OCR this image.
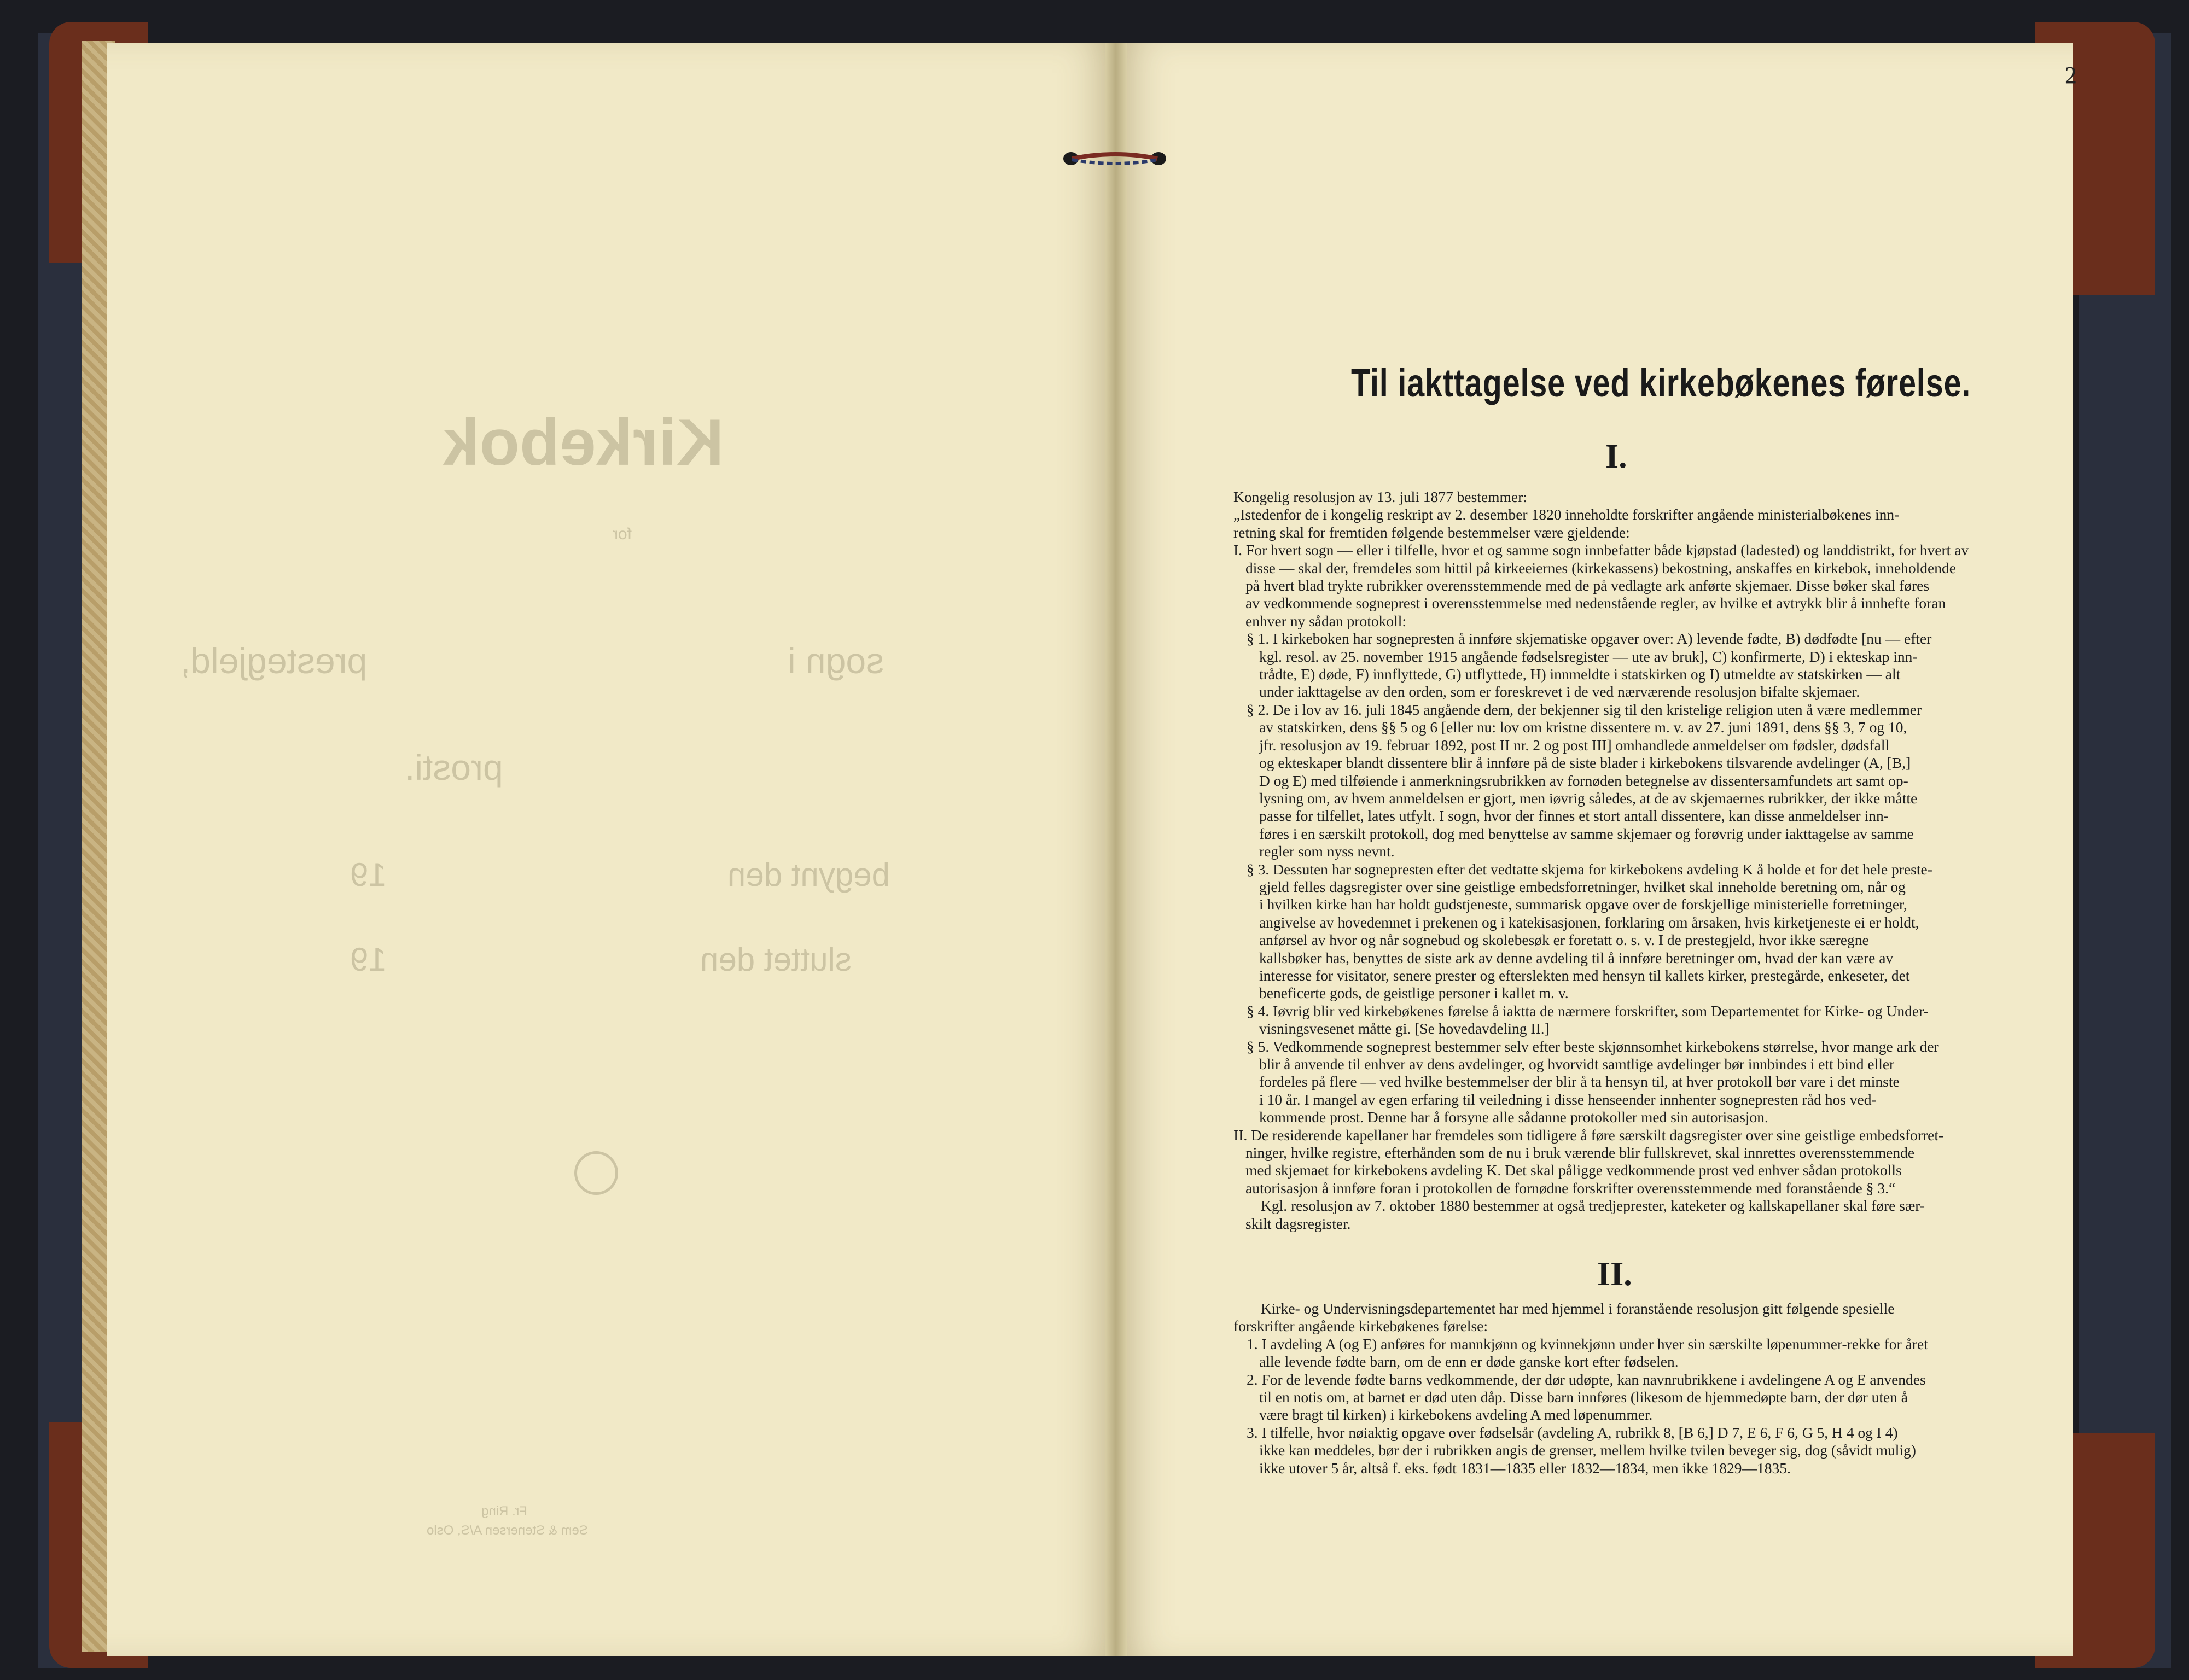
Kirkebok
for
sogn i
prestegjeld,
prosti.
begynt den
19
sluttet den
19
Fr. Ring
Sem & Stenersen A/S, Oslo
2
Til iakttagelse ved kirkebøkenes førelse.
I.

Kongelig resolusjon av 13. juli 1877 bestemmer:

„Istedenfor de i kongelig reskript av 2. desember 1820 inneholdte forskrifter angående ministerialbøkenes inn-

retning skal for fremtiden følgende bestemmelser være gjeldende:

I. For hvert sogn — eller i tilfelle, hvor et og samme sogn innbefatter både kjøpstad (ladested) og landdistrikt, for hvert av

disse — skal der, fremdeles som hittil på kirkeeiernes (kirkekassens) bekostning, anskaffes en kirkebok, inneholdende

på hvert blad trykte rubrikker overensstemmende med de på vedlagte ark anførte skjemaer. Disse bøker skal føres

av vedkommende sogneprest i overensstemmelse med nedenstående regler, av hvilke et avtrykk blir å innhefte foran

enhver ny sådan protokoll:

§ 1. I kirkeboken har sognepresten å innføre skjematiske opgaver over: A) levende fødte, B) dødfødte [nu — efter

kgl. resol. av 25. november 1915 angående fødselsregister — ute av bruk], C) konfirmerte, D) i ekteskap inn-

trådte, E) døde, F) innflyttede, G) utflyttede, H) innmeldte i statskirken og I) utmeldte av statskirken — alt

under iakttagelse av den orden, som er foreskrevet i de ved nærværende resolusjon bifalte skjemaer.

§ 2. De i lov av 16. juli 1845 angående dem, der bekjenner sig til den kristelige religion uten å være medlemmer

av statskirken, dens §§ 5 og 6 [eller nu: lov om kristne dissentere m. v. av 27. juni 1891, dens §§ 3, 7 og 10,

jfr. resolusjon av 19. februar 1892, post II nr. 2 og post III] omhandlede anmeldelser om fødsler, dødsfall

og ekteskaper blandt dissentere blir å innføre på de siste blader i kirkebokens tilsvarende avdelinger (A, [B,]

D og E) med tilføiende i anmerkningsrubrikken av fornøden betegnelse av dissentersamfundets art samt op-

lysning om, av hvem anmeldelsen er gjort, men iøvrig således, at de av skjemaernes rubrikker, der ikke måtte

passe for tilfellet, lates utfylt. I sogn, hvor der finnes et stort antall dissentere, kan disse anmeldelser inn-

føres i en særskilt protokoll, dog med benyttelse av samme skjemaer og forøvrig under iakttagelse av samme

regler som nyss nevnt.

§ 3. Dessuten har sognepresten efter det vedtatte skjema for kirkebokens avdeling K å holde et for det hele preste-

gjeld felles dagsregister over sine geistlige embedsforretninger, hvilket skal inneholde beretning om, når og

i hvilken kirke han har holdt gudstjeneste, summarisk opgave over de forskjellige ministerielle forretninger,

angivelse av hovedemnet i prekenen og i katekisasjonen, forklaring om årsaken, hvis kirketjeneste ei er holdt,

anførsel av hvor og når sognebud og skolebesøk er foretatt o. s. v. I de prestegjeld, hvor ikke særegne

kallsbøker has, benyttes de siste ark av denne avdeling til å innføre beretninger om, hvad der kan være av

interesse for visitator, senere prester og efterslekten med hensyn til kallets kirker, prestegårde, enkeseter, det

beneficerte gods, de geistlige personer i kallet m. v.

§ 4. Iøvrig blir ved kirkebøkenes førelse å iaktta de nærmere forskrifter, som Departementet for Kirke- og Under-

visningsvesenet måtte gi. [Se hovedavdeling II.]

§ 5. Vedkommende sogneprest bestemmer selv efter beste skjønnsomhet kirkebokens størrelse, hvor mange ark der

blir å anvende til enhver av dens avdelinger, og hvorvidt samtlige avdelinger bør innbindes i ett bind eller

fordeles på flere — ved hvilke bestemmelser der blir å ta hensyn til, at hver protokoll bør vare i det minste

i 10 år. I mangel av egen erfaring til veiledning i disse henseender innhenter sognepresten råd hos ved-

kommende prost. Denne har å forsyne alle sådanne protokoller med sin autorisasjon.

II. De residerende kapellaner har fremdeles som tidligere å føre særskilt dagsregister over sine geistlige embedsforret-

ninger, hvilke registre, efterhånden som de nu i bruk værende blir fullskrevet, skal innrettes overensstemmende

med skjemaet for kirkebokens avdeling K. Det skal påligge vedkommende prost ved enhver sådan protokolls

autorisasjon å innføre foran i protokollen de fornødne forskrifter overensstemmende med foranstående § 3.“

Kgl. resolusjon av 7. oktober 1880 bestemmer at også tredjeprester, kateketer og kallskapellaner skal føre sær-

skilt dagsregister.

II.

Kirke- og Undervisningsdepartementet har med hjemmel i foranstående resolusjon gitt følgende spesielle

forskrifter angående kirkebøkenes førelse:

1. I avdeling A (og E) anføres for mannkjønn og kvinnekjønn under hver sin særskilte løpenummer-rekke for året

alle levende fødte barn, om de enn er døde ganske kort efter fødselen.

2. For de levende fødte barns vedkommende, der dør udøpte, kan navnrubrikkene i avdelingene A og E anvendes

til en notis om, at barnet er død uten dåp. Disse barn innføres (likesom de hjemmedøpte barn, der dør uten å

være bragt til kirken) i kirkebokens avdeling A med løpenummer.

3. I tilfelle, hvor nøiaktig opgave over fødselsår (avdeling A, rubrikk 8, [B 6,] D 7, E 6, F 6, G 5, H 4 og I 4)

ikke kan meddeles, bør der i rubrikken angis de grenser, mellem hvilke tvilen beveger sig, dog (såvidt mulig)

ikke utover 5 år, altså f. eks. født 1831—1835 eller 1832—1834, men ikke 1829—1835.
